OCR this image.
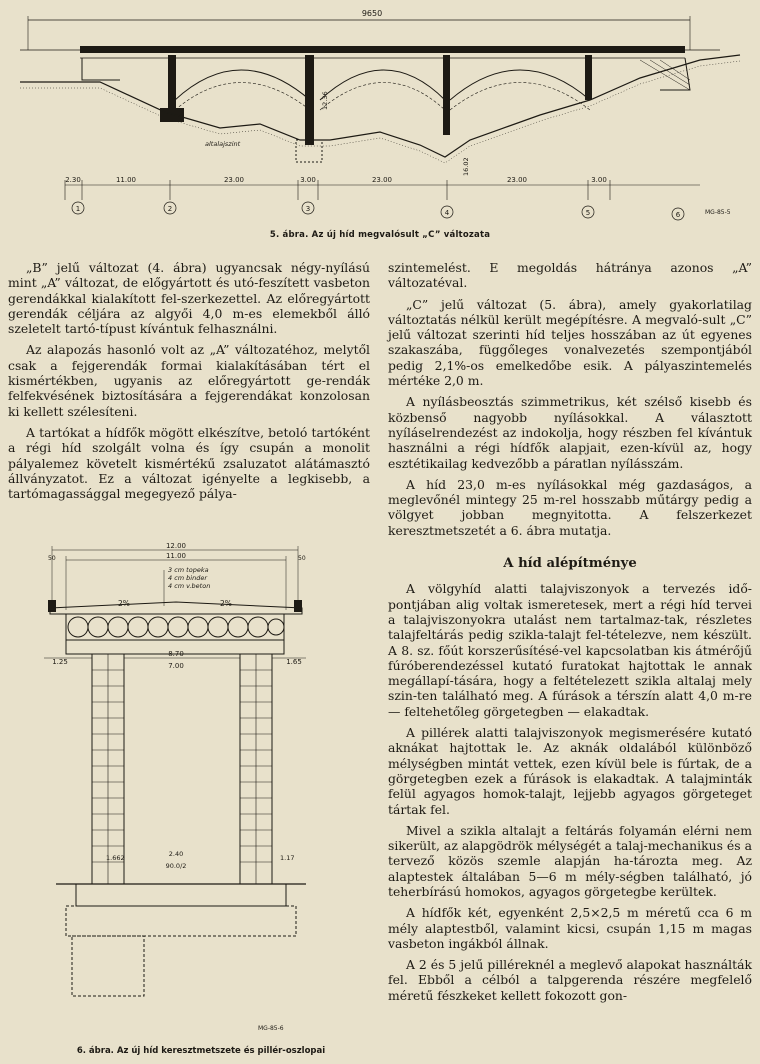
9650
altalajszint
12.36
16.02
2.30	11.00	23.00	3.00	23.00	23.00	3.00
1	2	3	4	5	6	MG-85-5
5. ábra. Az új híd megvalósult „C” változata

„B” jelű változat (4. ábra) ugyancsak négy-nyílású mint „A” változat, de előgyártott és utó-feszített vasbeton gerendákkal kialakított fel-szerkezettel. Az előregyártott gerendák céljára az algyői 4,0 m-es elemekből álló szeletelt tartó-típust kívántuk felhasználni.

Az alapozás hasonló volt az „A” változatéhoz, melytől csak a fejgerendák formai kialakításában tért el kismértékben, ugyanis az előregyártott ge-rendák felfekvésének biztosítására a fejgerendákat konzolosan ki kellett szélesíteni.

A tartókat a hídfők mögött elkészítve, betoló tartóként a régi híd szolgált volna és így csupán a monolit pályalemez követelt kismértékű zsaluzatot alátámasztó állványzatot. Ez a változat igényelte a legkisebb, a tartómagassággal megegyező pálya-

12.00
11.00
50	50
3 cm topeka
4 cm binder
4 cm v.beton
2%	2%
1.25
8.70
7.00	1.65
1.662	2.40
90.0/2
1.17
MG-85-6
6. ábra. Az új híd keresztmetszete és pillér-oszlopai

szintemelést. E megoldás hátránya azonos „A” változatéval.

„C” jelű változat (5. ábra), amely gyakorlatilag változtatás nélkül került megépítésre. A megvaló-sult „C” jelű változat szerinti híd teljes hosszában az út egyenes szakaszába, függőleges vonalvezetés szempontjából pedig 2,1%-os emelkedőbe esik. A pályaszintemelés mértéke 2,0 m.

A nyílásbeosztás szimmetrikus, két szélső kisebb és közbenső nagyobb nyílásokkal. A választott nyíláselrendezést az indokolja, hogy részben fel kívántuk használni a régi hídfők alapjait, ezen-kívül az, hogy esztétikailag kedvezőbb a páratlan nyílásszám.

A híd 23,0 m-es nyílásokkal még gazdaságos, a meglevőnél mintegy 25 m-rel hosszabb műtárgy pedig a völgyet jobban megnyitotta. A felszerkezet keresztmetszetét a 6. ábra mutatja.

A híd alépítménye

A völgyhíd alatti talajviszonyok a tervezés idő-pontjában alig voltak ismeretesek, mert a régi híd tervei a talajviszonyokra utalást nem tartalmaz-tak, részletes talajfeltárás pedig szikla-talajt fel-tételezve, nem készült. A 8. sz. főút korszerűsítésé-vel kapcsolatban kis átmérőjű fúróberendezéssel kutató furatokat hajtottak le annak megállapí-tására, hogy a feltételezett szikla altalaj mely szin-ten található meg. A fúrások a térszín alatt 4,0 m-re — feltehetőleg görgetegben — elakadtak.

A pillérek alatti talajviszonyok megismerésére kutató aknákat hajtottak le. Az aknák oldalából különböző mélységben mintát vettek, ezen kívül bele is fúrtak, de a görgetegben ezek a fúrások is elakadtak. A talajminták felül agyagos homok-talajt, lejjebb agyagos görgeteget tártak fel.

Mivel a szikla altalajt a feltárás folyamán elérni nem sikerült, az alapgödrök mélységét a talaj-mechanikus és a tervező közös szemle alapján ha-tározta meg. Az alaptestek általában 5—6 m mély-ségben található, jó teherbírású homokos, agyagos görgetegbe kerültek.

A hídfők két, egyenként 2,5×2,5 m méretű cca 6 m mély alaptestből, valamint kicsi, csupán 1,15 m magas vasbeton ingákból állnak.

A 2 és 5 jelű pilléreknél a meglevő alapokat használták fel. Ebből a célból a talpgerenda részére megfelelő méretű fészkeket kellett fokozott gon-
